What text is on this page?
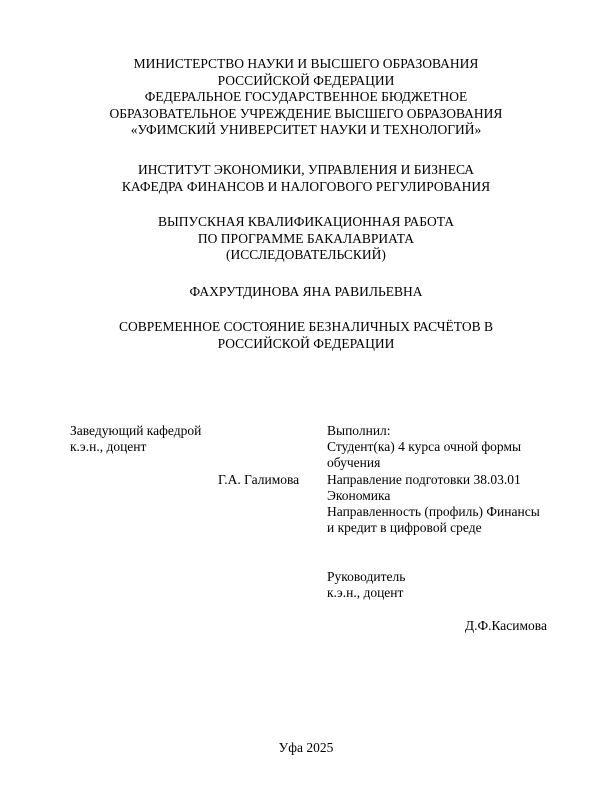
МИНИСТЕРСТВО НАУКИ И ВЫСШЕГО ОБРАЗОВАНИЯ
РОССИЙСКОЙ ФЕДЕРАЦИИ
ФЕДЕРАЛЬНОЕ ГОСУДАРСТВЕННОЕ БЮДЖЕТНОЕ
ОБРАЗОВАТЕЛЬНОЕ УЧРЕЖДЕНИЕ ВЫСШЕГО ОБРАЗОВАНИЯ
«УФИМСКИЙ УНИВЕРСИТЕТ НАУКИ И ТЕХНОЛОГИЙ»
ИНСТИТУТ ЭКОНОМИКИ, УПРАВЛЕНИЯ И БИЗНЕСА
КАФЕДРА ФИНАНСОВ И НАЛОГОВОГО РЕГУЛИРОВАНИЯ
ВЫПУСКНАЯ КВАЛИФИКАЦИОННАЯ РАБОТА
ПО ПРОГРАММЕ БАКАЛАВРИАТА
(ИССЛЕДОВАТЕЛЬСКИЙ)
ФАХРУТДИНОВА ЯНА РАВИЛЬЕВНА
СОВРЕМЕННОЕ СОСТОЯНИЕ БЕЗНАЛИЧНЫХ РАСЧЁТОВ В
РОССИЙСКОЙ ФЕДЕРАЦИИ
Заведующий кафедрой
к.э.н., доцент
Г.А. Галимова
Выполнил:
Студент(ка) 4 курса очной формы
обучения
Направление подготовки 38.03.01
Экономика
Направленность (профиль) Финансы
и кредит в цифровой среде
Руководитель
к.э.н., доцент
Д.Ф.Касимова
Уфа 2025
